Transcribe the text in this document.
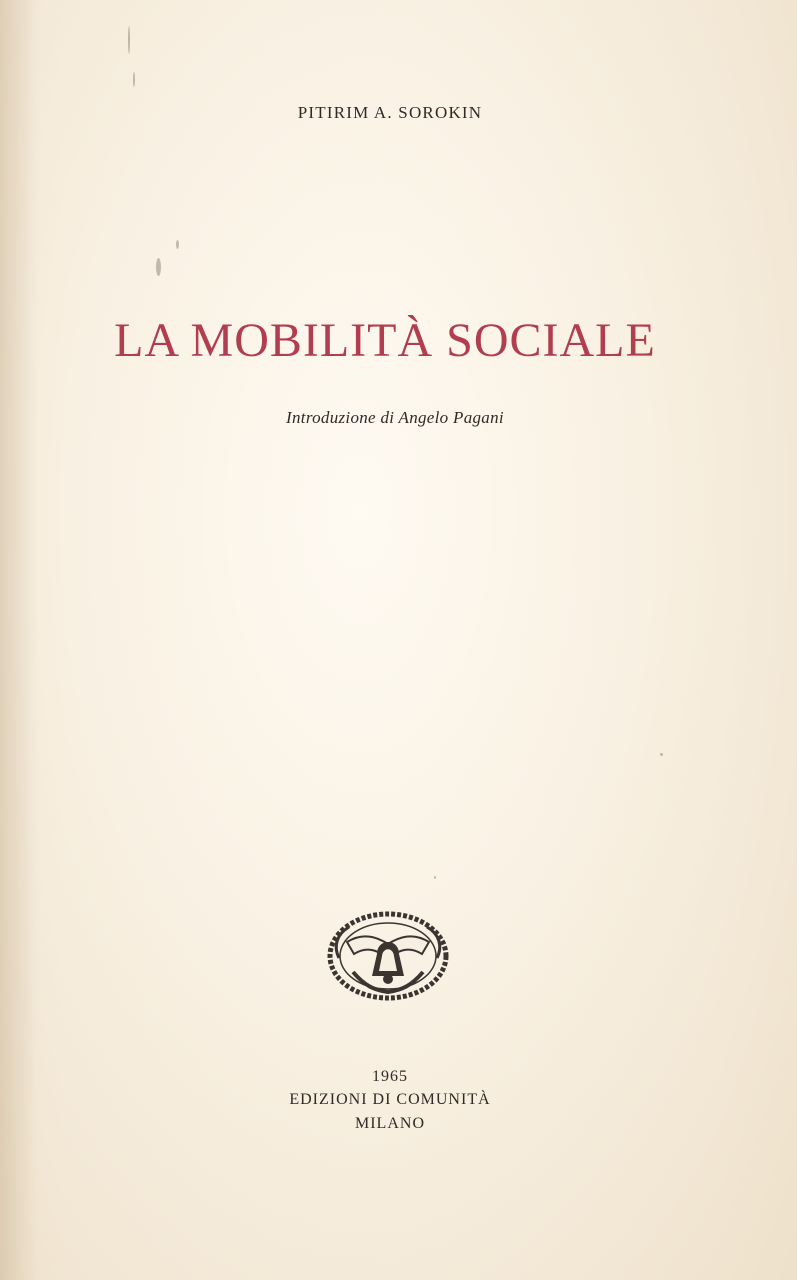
PITIRIM A. SOROKIN
LA MOBILITÀ SOCIALE
Introduzione di Angelo Pagani
1965
EDIZIONI DI COMUNITÀ
MILANO
